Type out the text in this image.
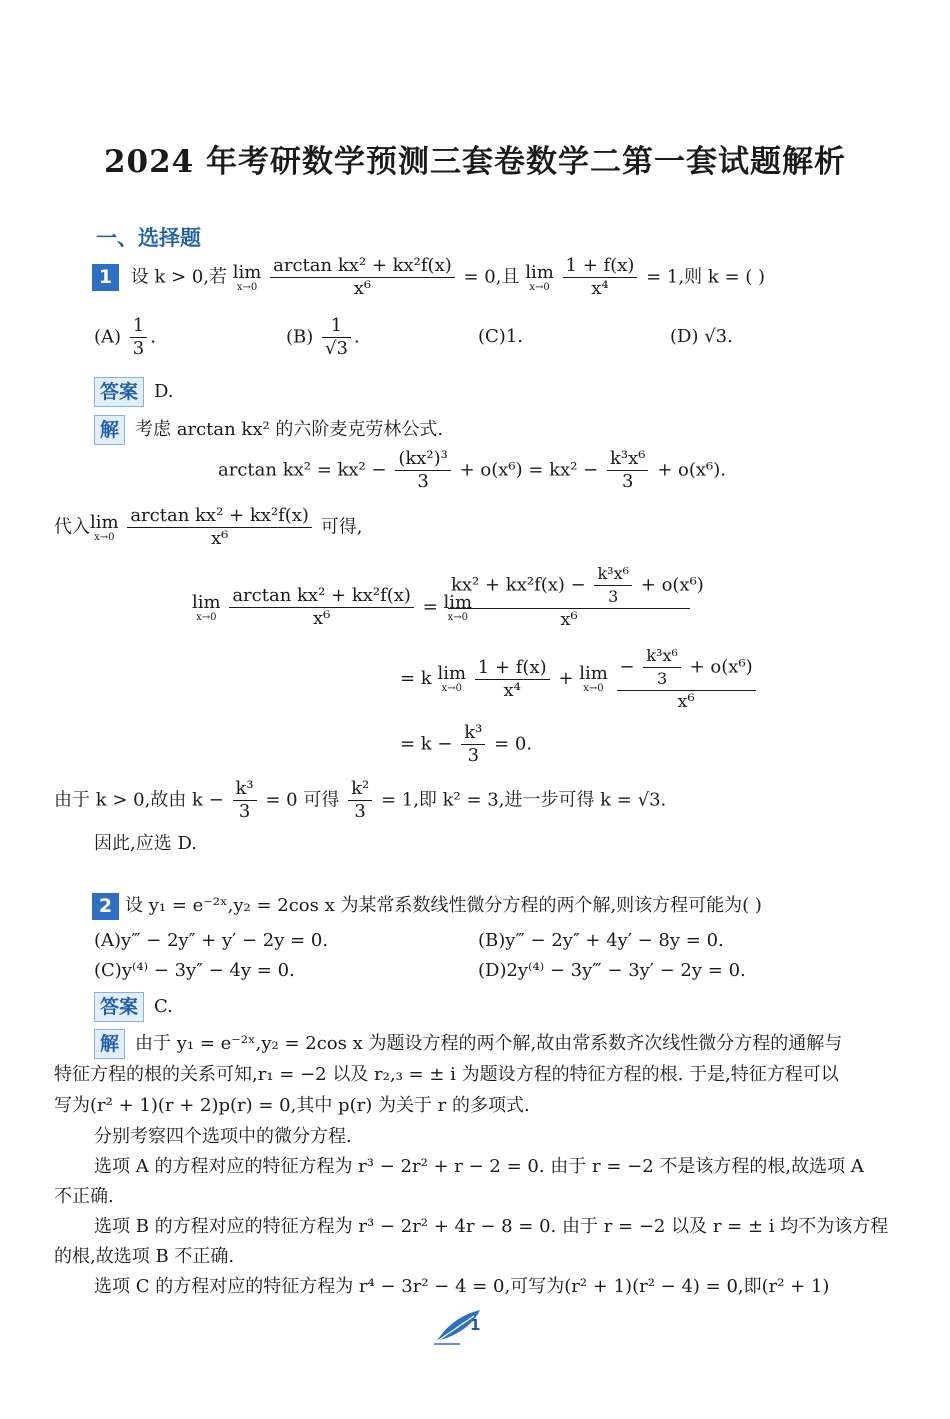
2024 年考研数学预测三套卷数学二第一套试题解析
一、选择题
1 设 k > 0,若 lim
x→0
$\frac{\text{arctan kx² + kx²f(x)}}{\text{x⁶}} = 0$,且 lim
x→0
$\frac{1 + f(x)}{\text{x⁴}} = 1$,则 k = ( )
$(A) \frac{1}{3}$ .	$(B) \frac{1}{√3}$ .	(C)1.	(D) √3.
答案 D.
解 考虑 arctan kx² 的六阶麦克劳林公式.
$\arctan kx^2 = kx^2 - \frac{\text{(kx²)³}}{3} + o(x^6) = kx^2 - \frac{\text{k³x⁶}}{3} + o(x^6)$.
代入 lim
x→0
$\frac{\text{arctan kx² + kx²f(x)}}{\text{x⁶}}$ 可得,
lim
x→0
$\frac{\text{arctan kx² + kx²f(x)}}{\text{x⁶}} = \lim$
x→0
$\frac{kx^2 + kx^2f(x) - \frac{\text{k³x⁶}}{3} + o(x^6)}{\text{x⁶}}$
= k lim
x→0
$\frac{1 + f(x)}{\text{x⁴}} + \lim$
x→0
$\frac{- \frac{\text{k³x⁶}}{3} + o(x^6)}{\text{x⁶}}$
= $k - \frac{\text{k³}}{3} = 0$.
由于 k > 0,故由 $k - \frac{\text{k³}}{3} = 0$ 可得 $\frac{\text{k²}}{3} = 1$,即 k² = 3,进一步可得 k = √3.
因此,应选 D.
2 设 y₁ = e⁻²ˣ,y₂ = 2cos x 为某常系数线性微分方程的两个解,则该方程可能为( )
(A)y‴ − 2y″ + y′ − 2y = 0.	(B)y‴ − 2y″ + 4y′ − 8y = 0.
(C)y⁽⁴⁾ − 3y″ − 4y = 0.	(D)2y⁽⁴⁾ − 3y‴ − 3y′ − 2y = 0.
答案 C.
解 由于 y₁ = e⁻²ˣ,y₂ = 2cos x 为题设方程的两个解,故由常系数齐次线性微分方程的通解与
特征方程的根的关系可知,r₁ = −2 以及 r₂,₃ = ± i 为题设方程的特征方程的根. 于是,特征方程可以
写为(r² + 1)(r + 2)p(r) = 0,其中 p(r) 为关于 r 的多项式.
分别考察四个选项中的微分方程.
选项 A 的方程对应的特征方程为 r³ − 2r² + r − 2 = 0. 由于 r = −2 不是该方程的根,故选项 A
不正确.
选项 B 的方程对应的特征方程为 r³ − 2r² + 4r − 8 = 0. 由于 r = −2 以及 r = ± i 均不为该方程
的根,故选项 B 不正确.
选项 C 的方程对应的特征方程为 r⁴ − 3r² − 4 = 0,可写为(r² + 1)(r² − 4) = 0,即(r² + 1)
1
